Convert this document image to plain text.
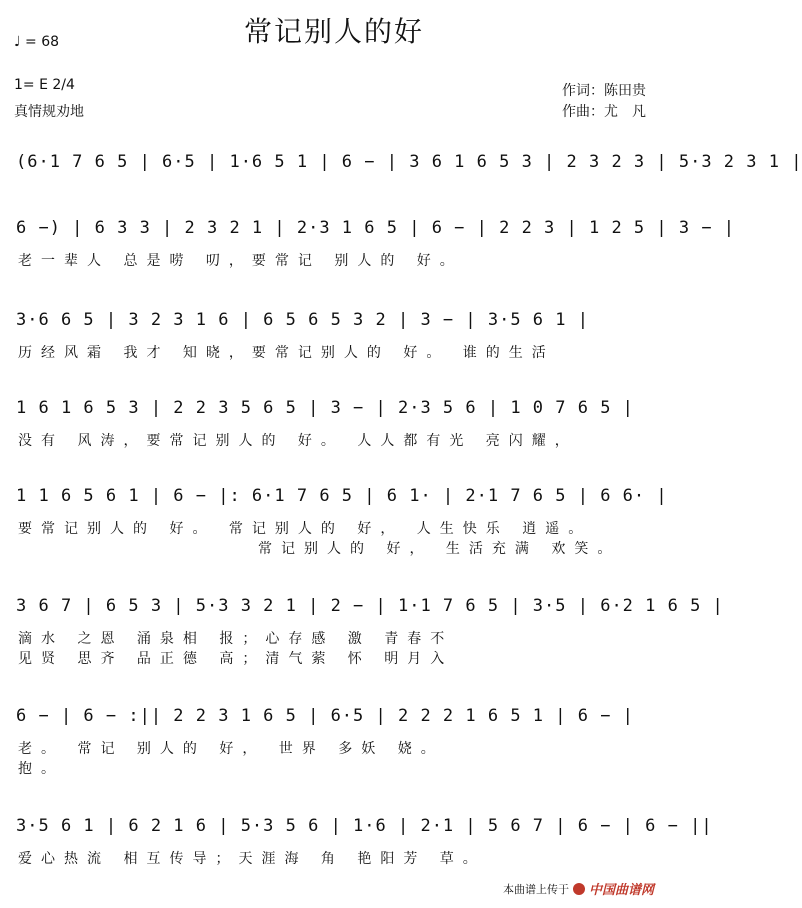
常记别人的好
♩ = 68
1= E 2/4
真情规劝地
作词：陈田贵
作曲：尤　凡
(6·1 7 6 5 | 6·5 | 1·6 5 1 | 6 − | 3 6 1 6 5 3 | 2 3 2 3 | 5·3 2 3 1 |
6 −) | 6 3 3 | 2 3 2 1 | 2·3 1 6 5 | 6 − | 2 2 3 | 1 2 5 | 3 − |
老一辈人 总是唠 叨，要常记 别人的 好。
3·6 6 5 | 3 2 3 1 6 | 6 5 6 5 3 2 | 3 − | 3·5 6 1 |
历经风霜 我才 知晓，要常记别人的 好。 谁的生活
1 6 1 6 5 3 | 2 2 3 5 6 5 | 3 − | 2·3 5 6 | 1 0 7 6 5 |
没有 风涛，要常记别人的 好。 人人都有光 亮闪耀，
1 1 6 5 6 1 | 6 − |: 6·1 7 6 5 | 6 1· | 2·1 7 6 5 | 6 6· |
要常记别人的 好。 常记别人的 好， 人生快乐 逍遥。
常记别人的 好， 生活充满 欢笑。
3 6 7 | 6 5 3 | 5·3 3 2 1 | 2 − | 1·1 7 6 5 | 3·5 | 6·2 1 6 5 |
滴水 之恩 涌泉相 报；心存感 激 青春不
见贤 思齐 品正德 高；清气萦 怀 明月入
6 − | 6 − :|| 2 2 3 1 6 5 | 6·5 | 2 2 2 1 6 5 1 | 6 − |
老。 常记 别人的 好， 世界 多妖 娆。
抱。
3·5 6 1 | 6 2 1 6 | 5·3 5 6 | 1·6 | 2·1 | 5 6 7 | 6 − | 6 − ||
爱心热流 相互传导；天涯海 角 艳阳芳 草。
本曲谱上传于 中国曲谱网
